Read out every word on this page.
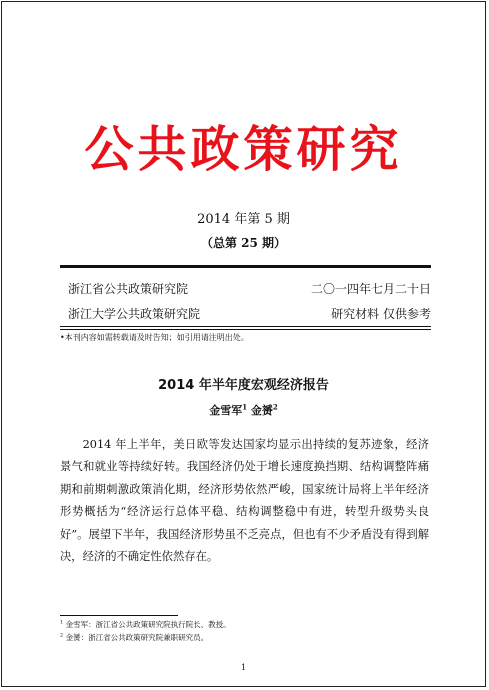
公共政策研究
2014 年第 5 期
（总第 25 期）
浙江省公共政策研究院	二〇一四年七月二十日
浙江大学公共政策研究院	研究材料 仅供参考
•本刊内容如需转载请及时告知；如引用请注明出处。
2014 年半年度宏观经济报告
金雪军$^1$ 金赟$^2$
2014 年上半年，美日欧等发达国家均显示出持续的复苏迹象，经济景气和就业等持续好转。我国经济仍处于增长速度换挡期、结构调整阵痛期和前期刺激政策消化期，经济形势依然严峻，国家统计局将上半年经济形势概括为“经济运行总体平稳、结构调整稳中有进，转型升级势头良好”。展望下半年，我国经济形势虽不乏亮点，但也有不少矛盾没有得到解决，经济的不确定性依然存在。
$^1$ 金雪军：浙江省公共政策研究院执行院长、教授。
$^2$ 金赟：浙江省公共政策研究院兼职研究员。
1
